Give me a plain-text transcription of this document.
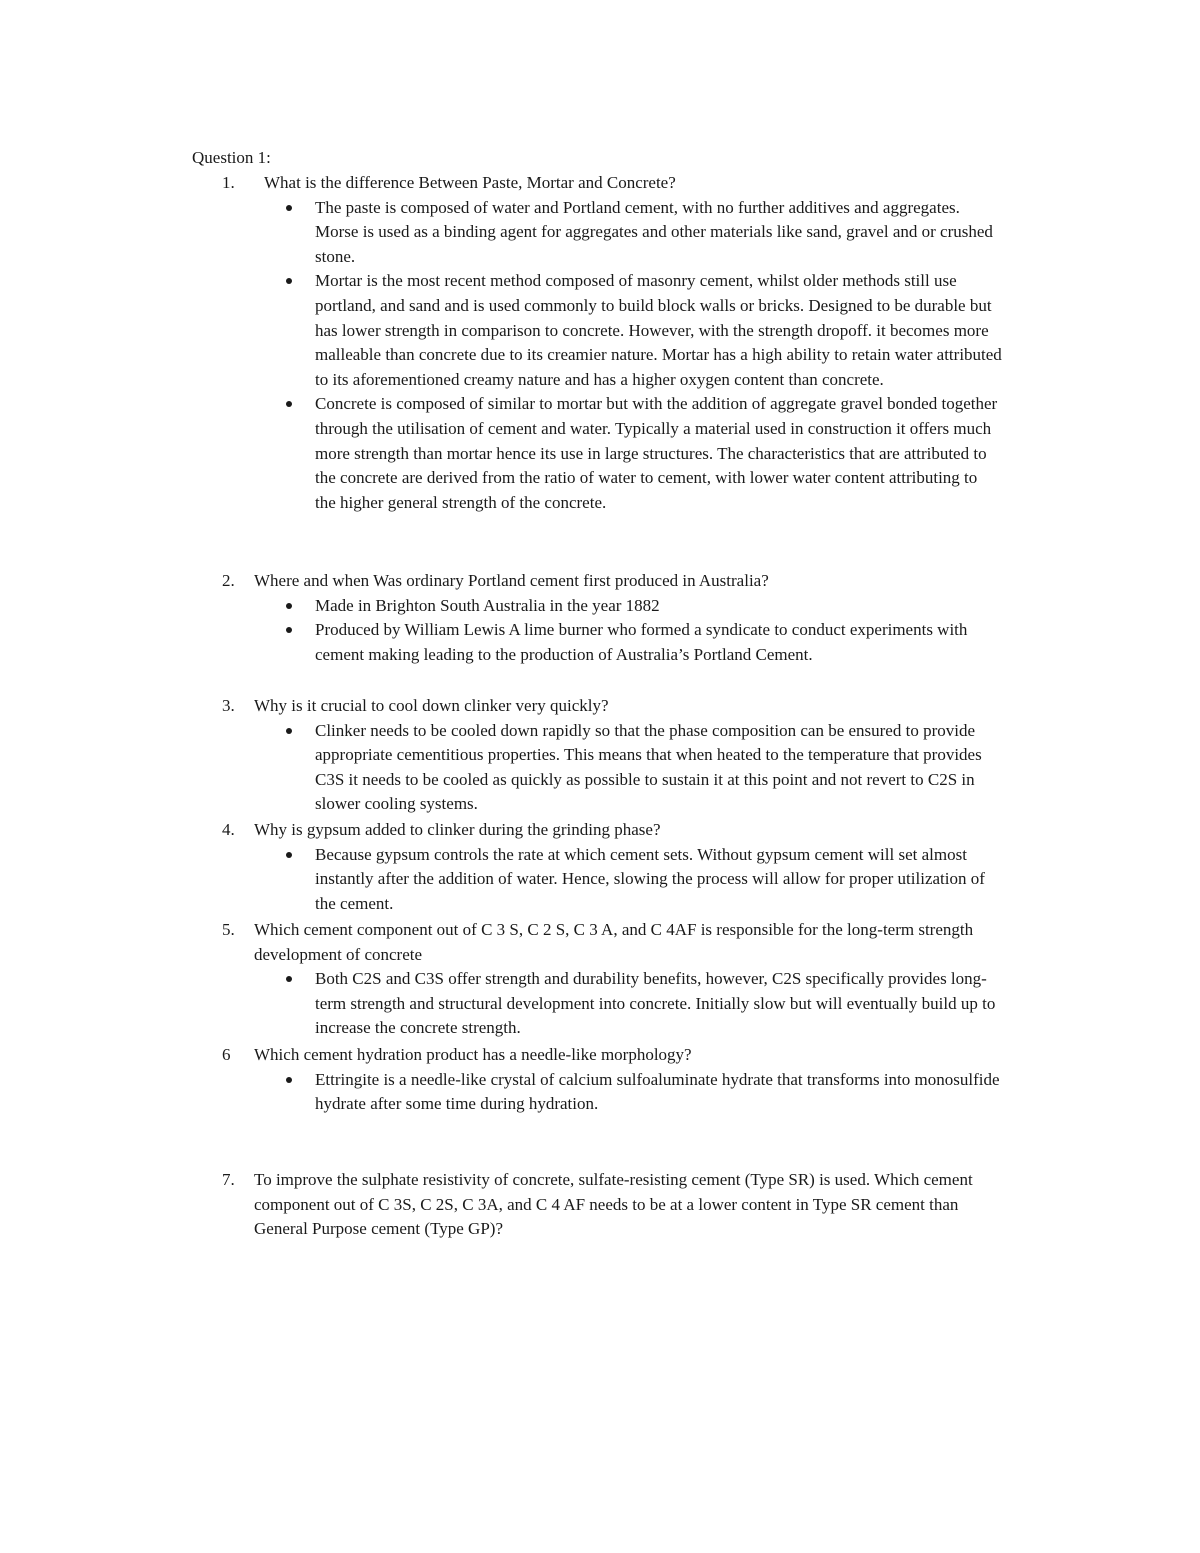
Question 1:
1.	What is the difference Between Paste, Mortar and Concrete?
The paste is composed of water and Portland cement, with no further additives and aggregates. Morse is used as a binding agent for aggregates and other materials like sand, gravel and or crushed stone.
Mortar is the most recent method composed of masonry cement, whilst older methods still use portland, and sand and is used commonly to build block walls or bricks. Designed to be durable but has lower strength in comparison to concrete. However, with the strength dropoff. it becomes more malleable than concrete due to its creamier nature. Mortar has a high ability to retain water attributed to its aforementioned creamy nature and has a higher oxygen content than concrete.
Concrete is composed of similar to mortar but with the addition of aggregate gravel bonded together through the utilisation of cement and water. Typically a material used in construction it offers much more strength than mortar hence its use in large structures. The characteristics that are attributed to the concrete are derived from the ratio of water to cement, with lower water content attributing to the higher general strength of the concrete.
2.	Where and when Was ordinary Portland cement first produced in Australia?
Made in Brighton South Australia in the year 1882
Produced by William Lewis A lime burner who formed a syndicate to conduct experiments with cement making leading to the production of Australia’s Portland Cement.
3.	Why is it crucial to cool down clinker very quickly?
Clinker needs to be cooled down rapidly so that the phase composition can be ensured to provide appropriate cementitious properties. This means that when heated to the temperature that provides C3S it needs to be cooled as quickly as possible to sustain it at this point and not revert to C2S in slower cooling systems.
4.	Why is gypsum added to clinker during the grinding phase?
Because gypsum controls the rate at which cement sets. Without gypsum cement will set almost instantly after the addition of water. Hence, slowing the process will allow for proper utilization of the cement.
5.	Which cement component out of C 3 S, C 2 S, C 3 A, and C 4AF is responsible for the long-term strength development of concrete
Both C2S and C3S offer strength and durability benefits, however, C2S specifically provides long-term strength and structural development into concrete. Initially slow but will eventually build up to increase the concrete strength.
6	Which cement hydration product has a needle-like morphology?
Ettringite is a needle-like crystal of calcium sulfoaluminate hydrate that transforms into monosulfide hydrate after some time during hydration.
7.	To improve the sulphate resistivity of concrete, sulfate-resisting cement (Type SR) is used. Which cement component out of C 3S, C 2S, C 3A, and C 4 AF needs to be at a lower content in Type SR cement than General Purpose cement (Type GP)?
